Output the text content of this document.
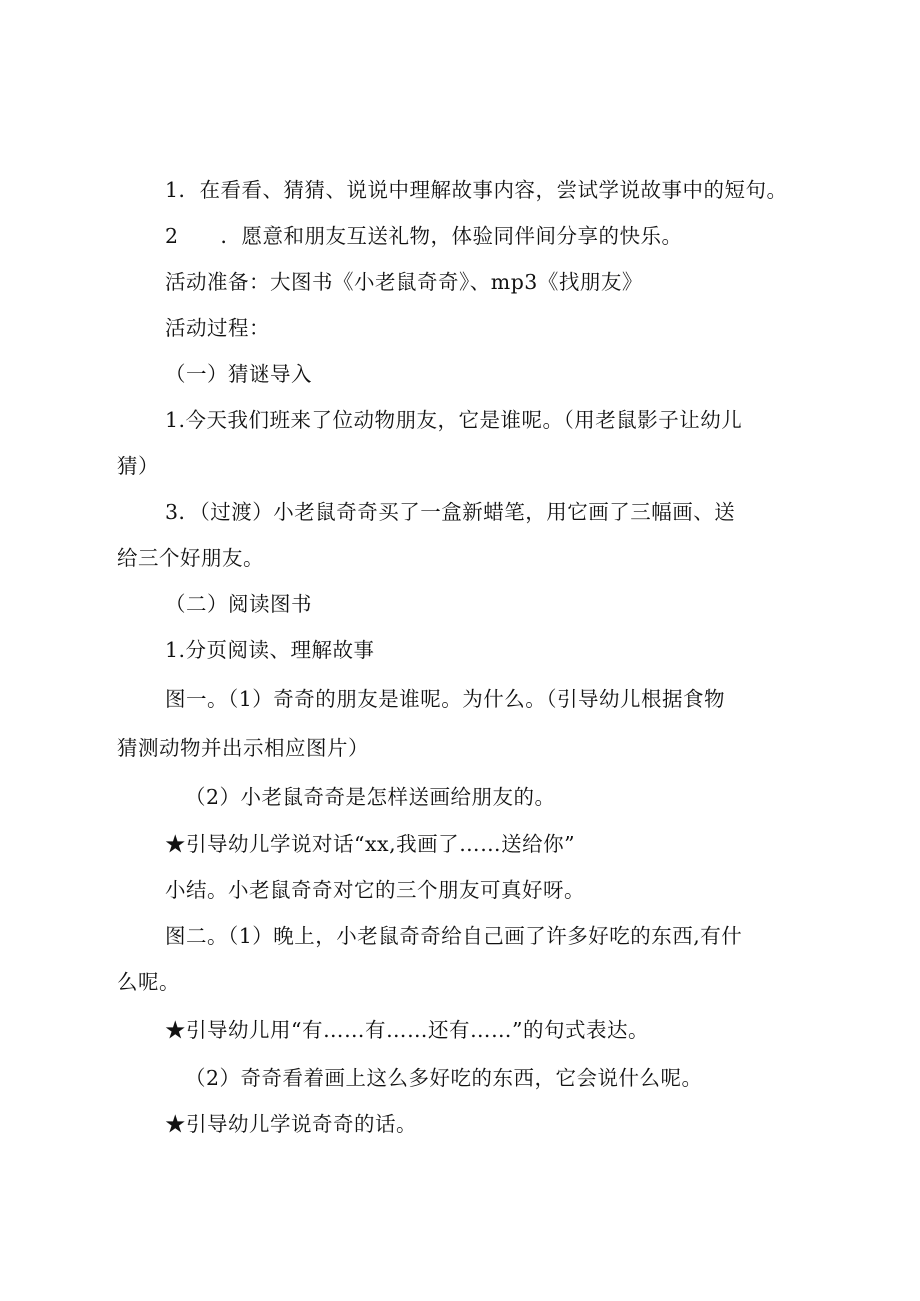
1．在看看、猜猜、说说中理解故事内容，尝试学说故事中的短句。
2　　．愿意和朋友互送礼物，体验同伴间分享的快乐。
活动准备：大图书《小老鼠奇奇》、mp3《找朋友》
活动过程：
（一）猜谜导入
1.今天我们班来了位动物朋友，它是谁呢。（用老鼠影子让幼儿
猜）
3．（过渡）小老鼠奇奇买了一盒新蜡笔，用它画了三幅画、送
给三个好朋友。
（二）阅读图书
1.分页阅读、理解故事
图一。（1）奇奇的朋友是谁呢。为什么。（引导幼儿根据食物
猜测动物并出示相应图片）
（2）小老鼠奇奇是怎样送画给朋友的。
★引导幼儿学说对话“xx,我画了……送给你”
小结。小老鼠奇奇对它的三个朋友可真好呀。
图二。（1）晚上，小老鼠奇奇给自己画了许多好吃的东西,有什
么呢。
★引导幼儿用“有……有……还有……”的句式表达。
（2）奇奇看着画上这么多好吃的东西，它会说什么呢。
★引导幼儿学说奇奇的话。
